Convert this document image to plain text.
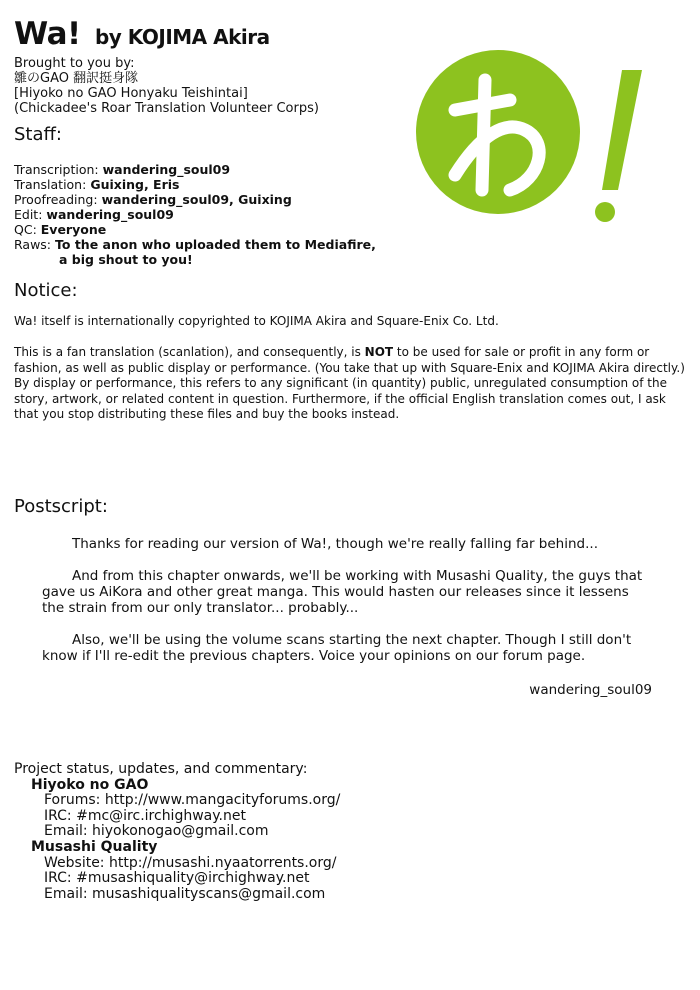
Wa! by KOJIMA Akira
Brought to you by:
雛のGAO 翻訳挺身隊
[Hiyoko no GAO Honyaku Teishintai]
(Chickadee's Roar Translation Volunteer Corps)
Staff:
Transcription: wandering_soul09
Translation: Guixing, Eris
Proofreading: wandering_soul09, Guixing
Edit: wandering_soul09
QC: Everyone
Raws: To the anon who uploaded them to Mediafire,
a big shout to you!
Notice:
Wa! itself is internationally copyrighted to KOJIMA Akira and Square-Enix Co. Ltd.
This is a fan translation (scanlation), and consequently, is NOT to be used for sale or profit in any form or fashion, as well as public display or performance. (You take that up with Square-Enix and KOJIMA Akira directly.) By display or performance, this refers to any significant (in quantity) public, unregulated consumption of the story, artwork, or related content in question. Furthermore, if the official English translation comes out, I ask that you stop distributing these files and buy the books instead.
Postscript:

Thanks for reading our version of Wa!, though we're really falling far behind...

And from this chapter onwards, we'll be working with Musashi Quality, the guys that gave us AiKora and other great manga. This would hasten our releases since it lessens the strain from our only translator... probably...

Also, we'll be using the volume scans starting the next chapter. Though I still don't know if I'll re-edit the previous chapters. Voice your opinions on our forum page.

wandering_soul09
Project status, updates, and commentary:
Hiyoko no GAO
Forums: http://www.mangacityforums.org/
IRC: #mc@irc.irchighway.net
Email: hiyokonogao@gmail.com
Musashi Quality
Website: http://musashi.nyaatorrents.org/
IRC: #musashiquality@irchighway.net
Email: musashiqualityscans@gmail.com
